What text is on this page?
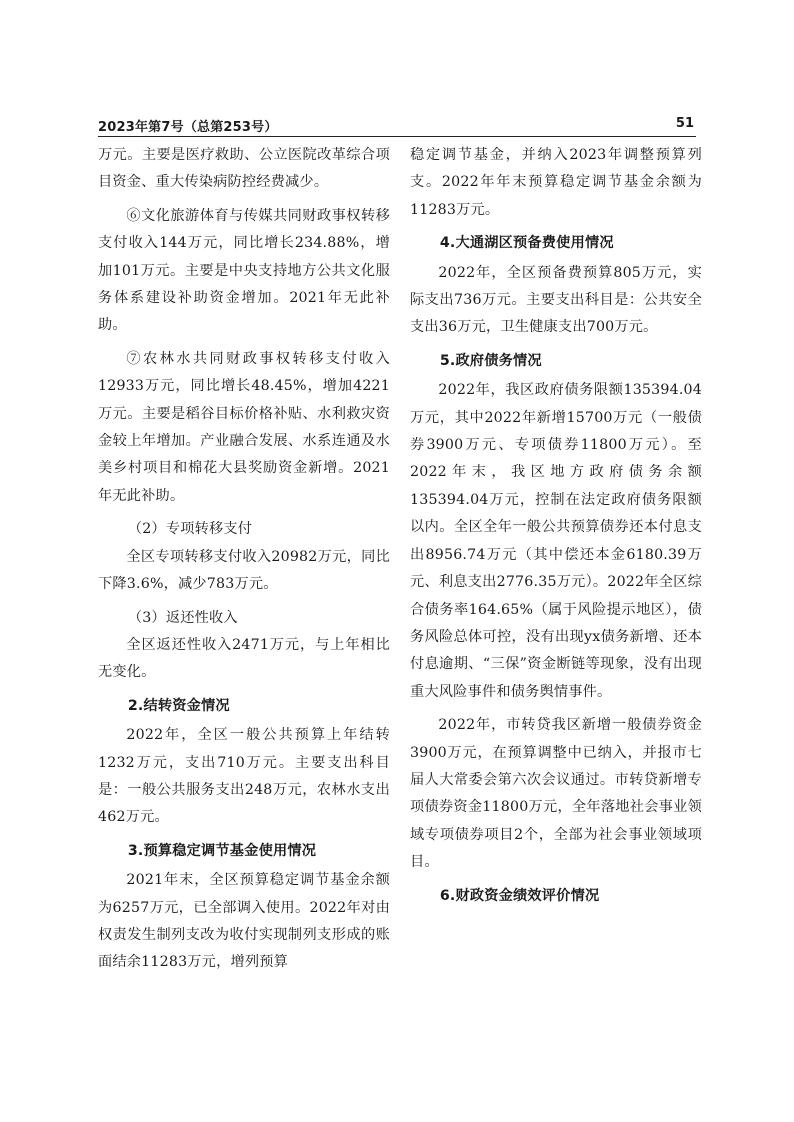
2023年第7号（总第253号）	51

万元。主要是医疗救助、公立医院改革综合项目资金、重大传染病防控经费减少。

⑥文化旅游体育与传媒共同财政事权转移支付收入144万元，同比增长234.88%，增加101万元。主要是中央支持地方公共文化服务体系建设补助资金增加。2021年无此补助。

⑦农林水共同财政事权转移支付收入12933万元，同比增长48.45%，增加4221万元。主要是稻谷目标价格补贴、水利救灾资金较上年增加。产业融合发展、水系连通及水美乡村项目和棉花大县奖励资金新增。2021年无此补助。

（2）专项转移支付

全区专项转移支付收入20982万元，同比下降3.6%，减少783万元。

（3）返还性收入

全区返还性收入2471万元，与上年相比无变化。

2.结转资金情况

2022年，全区一般公共预算上年结转1232万元，支出710万元。主要支出科目是：一般公共服务支出248万元，农林水支出462万元。

3.预算稳定调节基金使用情况

2021年末，全区预算稳定调节基金余额为6257万元，已全部调入使用。2022年对由权责发生制列支改为收付实现制列支形成的账面结余11283万元，增列预算

稳定调节基金，并纳入2023年调整预算列支。2022年年末预算稳定调节基金余额为11283万元。

4.大通湖区预备费使用情况

2022年，全区预备费预算805万元，实际支出736万元。主要支出科目是：公共安全支出36万元，卫生健康支出700万元。

5.政府债务情况

2022年，我区政府债务限额135394.04万元，其中2022年新增15700万元（一般债券3900万元、专项债券11800万元）。至2022年末，我区地方政府债务余额135394.04万元，控制在法定政府债务限额以内。全区全年一般公共预算债券还本付息支出8956.74万元（其中偿还本金6180.39万元、利息支出2776.35万元）。2022年全区综合债务率164.65%（属于风险提示地区），债务风险总体可控，没有出现yx债务新增、还本付息逾期、“三保”资金断链等现象，没有出现重大风险事件和债务舆情事件。

2022年，市转贷我区新增一般债券资金3900万元，在预算调整中已纳入，并报市七届人大常委会第六次会议通过。市转贷新增专项债券资金11800万元，全年落地社会事业领域专项债券项目2个，全部为社会事业领域项目。

6.财政资金绩效评价情况
